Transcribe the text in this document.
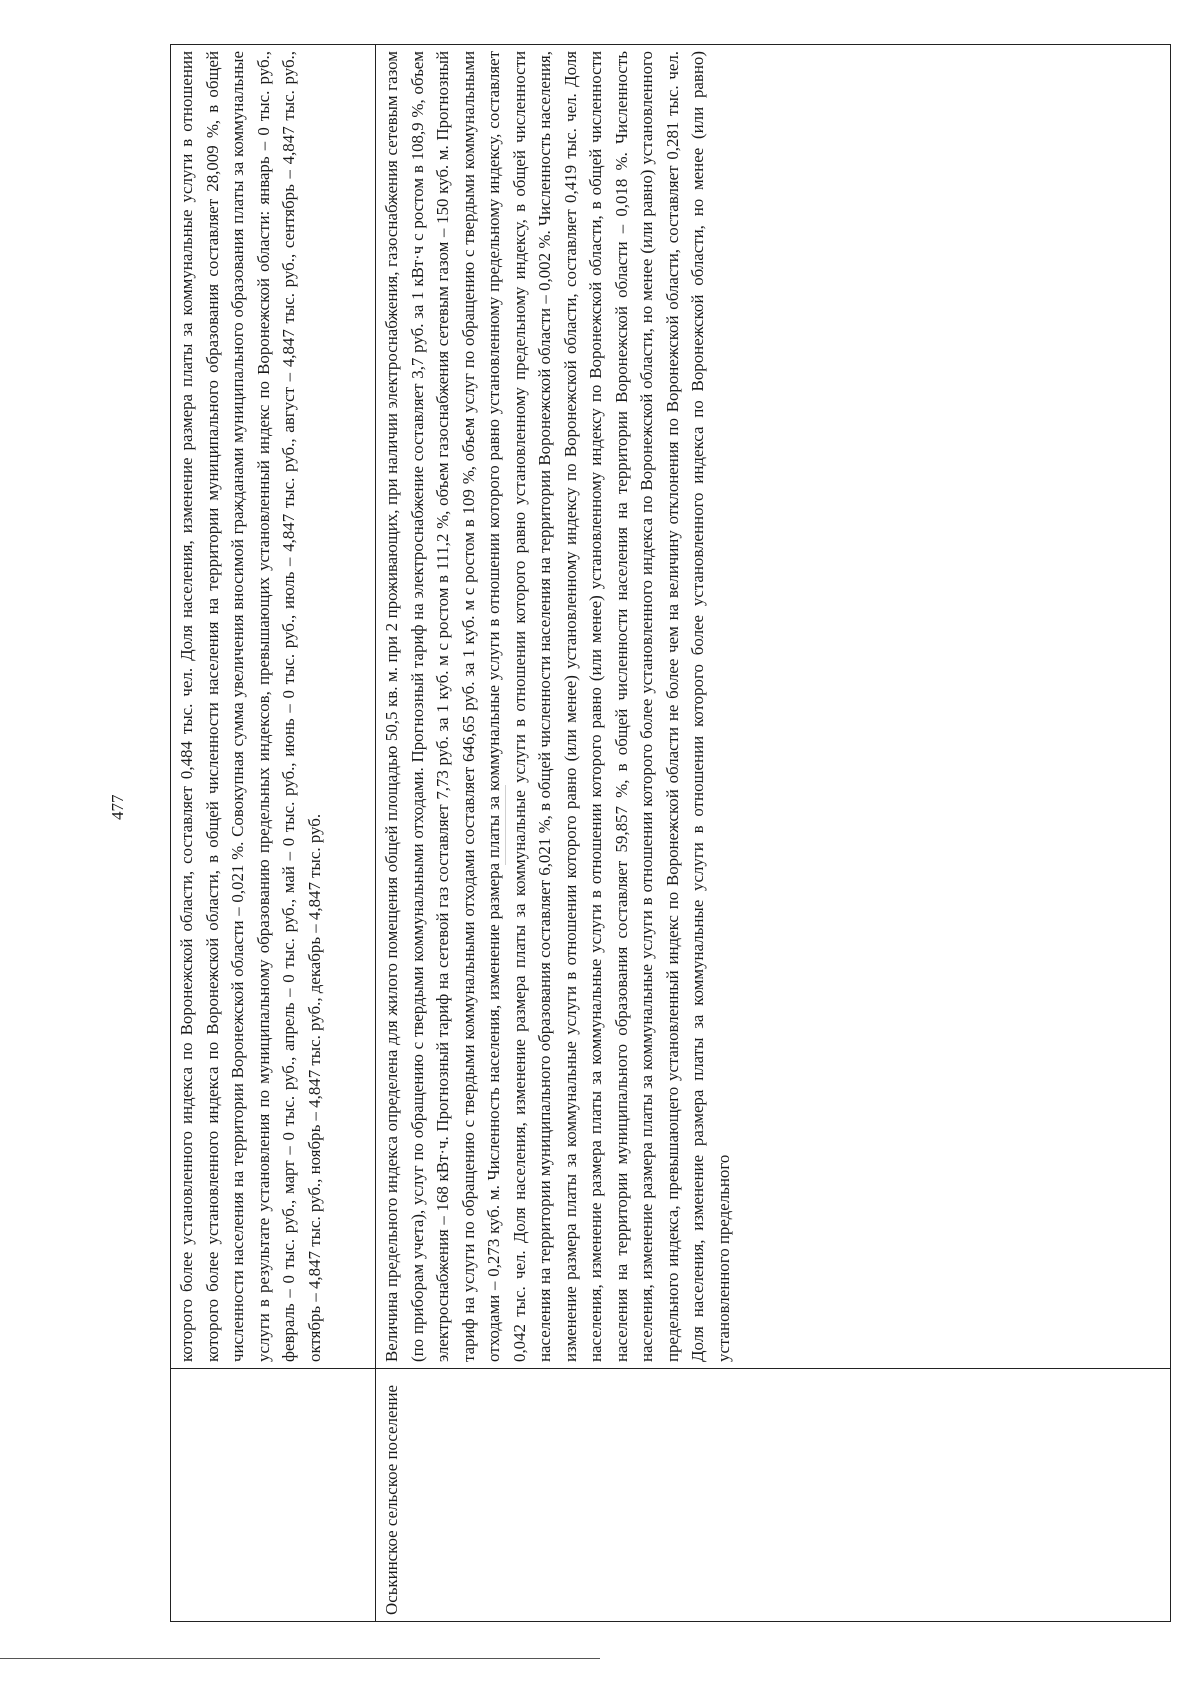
477
		которого более установленного индекса по Воронежской области, составляет 0,484 тыс. чел. Доля населения, изменение размера платы за коммунальные услуги в отношении которого более установленного индекса по Воронежской области, в общей численности населения на территории муниципального образования составляет 28,009 %, в общей численности населения на территории Воронежской области – 0,021 %. Совокупная сумма увеличения вносимой гражданами муниципального образования платы за коммунальные услуги в результате установления по муниципальному образованию предельных индексов, превышающих установленный индекс по Воронежской области: январь – 0 тыс. руб., февраль – 0 тыс. руб., март – 0 тыс. руб., апрель – 0 тыс. руб., май – 0 тыс. руб., июнь – 0 тыс. руб., июль – 4,847 тыс. руб., август – 4,847 тыс. руб., сентябрь – 4,847 тыс. руб., октябрь – 4,847 тыс. руб., ноябрь – 4,847 тыс. руб., декабрь – 4,847 тыс. руб.
Оськинское сельское поселение	Величина предельного индекса определена для жилого помещения общей площадью 50,5 кв. м. при 2 проживающих, при наличии электроснабжения, газоснабжения сетевым газом (по приборам учета), услуг по обращению с твердыми коммунальными отходами. Прогнозный тариф на электроснабжение составляет 3,7 руб. за 1 кВт·ч с ростом в 108,9 %, объем электроснабжения – 168 кВт·ч. Прогнозный тариф на сетевой газ составляет 7,73 руб. за 1 куб. м с ростом в 111,2 %, объем газоснабжения сетевым газом – 150 куб. м. Прогнозный тариф на услуги по обращению с твердыми коммунальными отходами составляет 646,65 руб. за 1 куб. м с ростом в 109 %, объем услуг по обращению с твердыми коммунальными отходами – 0,273 куб. м. Численность населения, изменение размера платы за коммунальные услуги в отношении которого равно установленному предельному индексу, составляет 0,042 тыс. чел. Доля населения, изменение размера платы за коммунальные услуги в отношении которого равно установленному предельному индексу, в общей численности населения на территории муниципального образования составляет 6,021 %, в общей численности населения на территории Воронежской области – 0,002 %. Численность населения, изменение размера платы за коммунальные услуги в отношении которого равно (или менее) установленному индексу по Воронежской области, составляет 0,419 тыс. чел. Доля населения, изменение размера платы за коммунальные услуги в отношении которого равно (или менее) установленному индексу по Воронежской области, в общей численности населения на территории муниципального образования составляет 59,857 %, в общей численности населения на территории Воронежской области – 0,018 %. Численность населения, изменение размера платы за коммунальные услуги в отношении которого более установленного индекса по Воронежской области, но менее (или равно) установленного предельного индекса, превышающего установленный индекс по Воронежской области не более чем на величину отклонения по Воронежской области, составляет 0,281 тыс. чел. Доля населения, изменение размера платы за коммунальные услуги в отношении которого более установленного индекса по Воронежской области, но менее (или равно) установленного предельного
